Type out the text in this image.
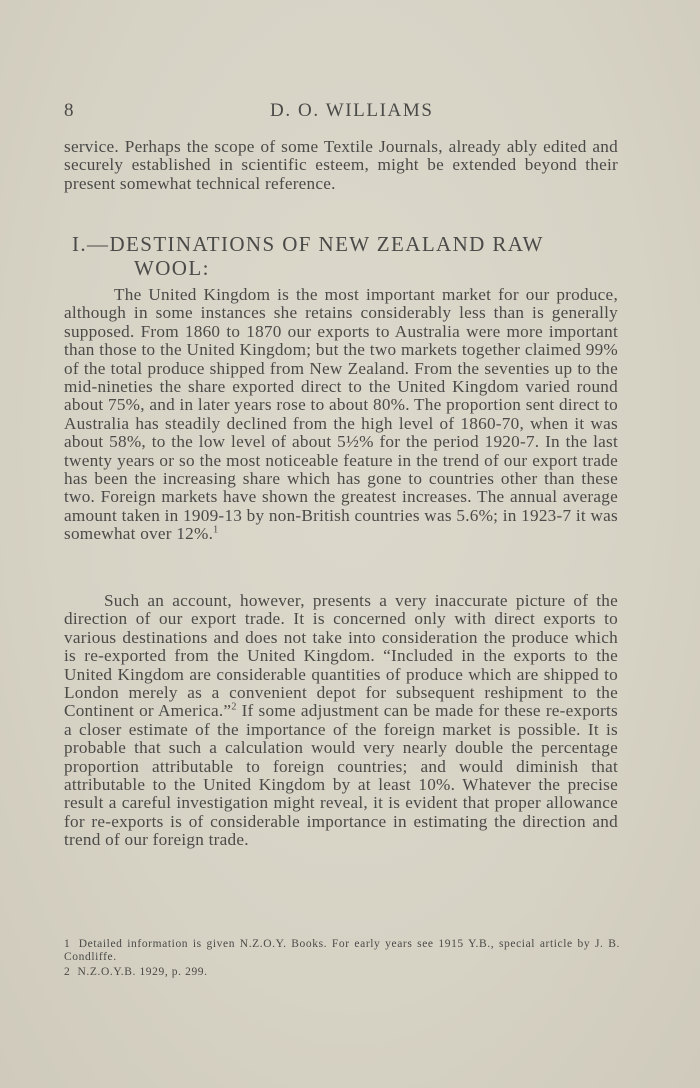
8	D. O. WILLIAMS

service. Perhaps the scope of some Textile Journals, already ably edited and securely established in scientific esteem, might be extended beyond their present somewhat technical reference.

I.—DESTINATIONS OF NEW ZEALAND RAW
WOOL:

The United Kingdom is the most important market for our produce, although in some instances she retains considerably less than is generally supposed. From 1860 to 1870 our exports to Australia were more important than those to the United Kingdom; but the two markets together claimed 99% of the total produce shipped from New Zealand. From the seventies up to the mid-nineties the share exported direct to the United Kingdom varied round about 75%, and in later years rose to about 80%. The proportion sent direct to Australia has steadily declined from the high level of 1860-70, when it was about 58%, to the low level of about 5½% for the period 1920-7. In the last twenty years or so the most noticeable feature in the trend of our export trade has been the increasing share which has gone to countries other than these two. Foreign markets have shown the greatest increases. The annual average amount taken in 1909-13 by non-British countries was 5.6%; in 1923-7 it was somewhat over 12%.$^1$

Such an account, however, presents a very inaccurate picture of the direction of our export trade. It is concerned only with direct exports to various destinations and does not take into consideration the produce which is re-exported from the United Kingdom. “Included in the exports to the United Kingdom are considerable quantities of produce which are shipped to London merely as a convenient depot for subsequent reshipment to the Continent or America.”$^2$ If some adjustment can be made for these re-exports a closer estimate of the importance of the foreign market is possible. It is probable that such a calculation would very nearly double the percentage proportion attributable to foreign countries; and would diminish that attributable to the United Kingdom by at least 10%. Whatever the precise result a careful investigation might reveal, it is evident that proper allowance for re-exports is of considerable importance in estimating the direction and trend of our foreign trade.

1 Detailed information is given N.Z.O.Y. Books. For early years see 1915 Y.B., special article by J. B. Condliffe.

2 N.Z.O.Y.B. 1929, p. 299.
